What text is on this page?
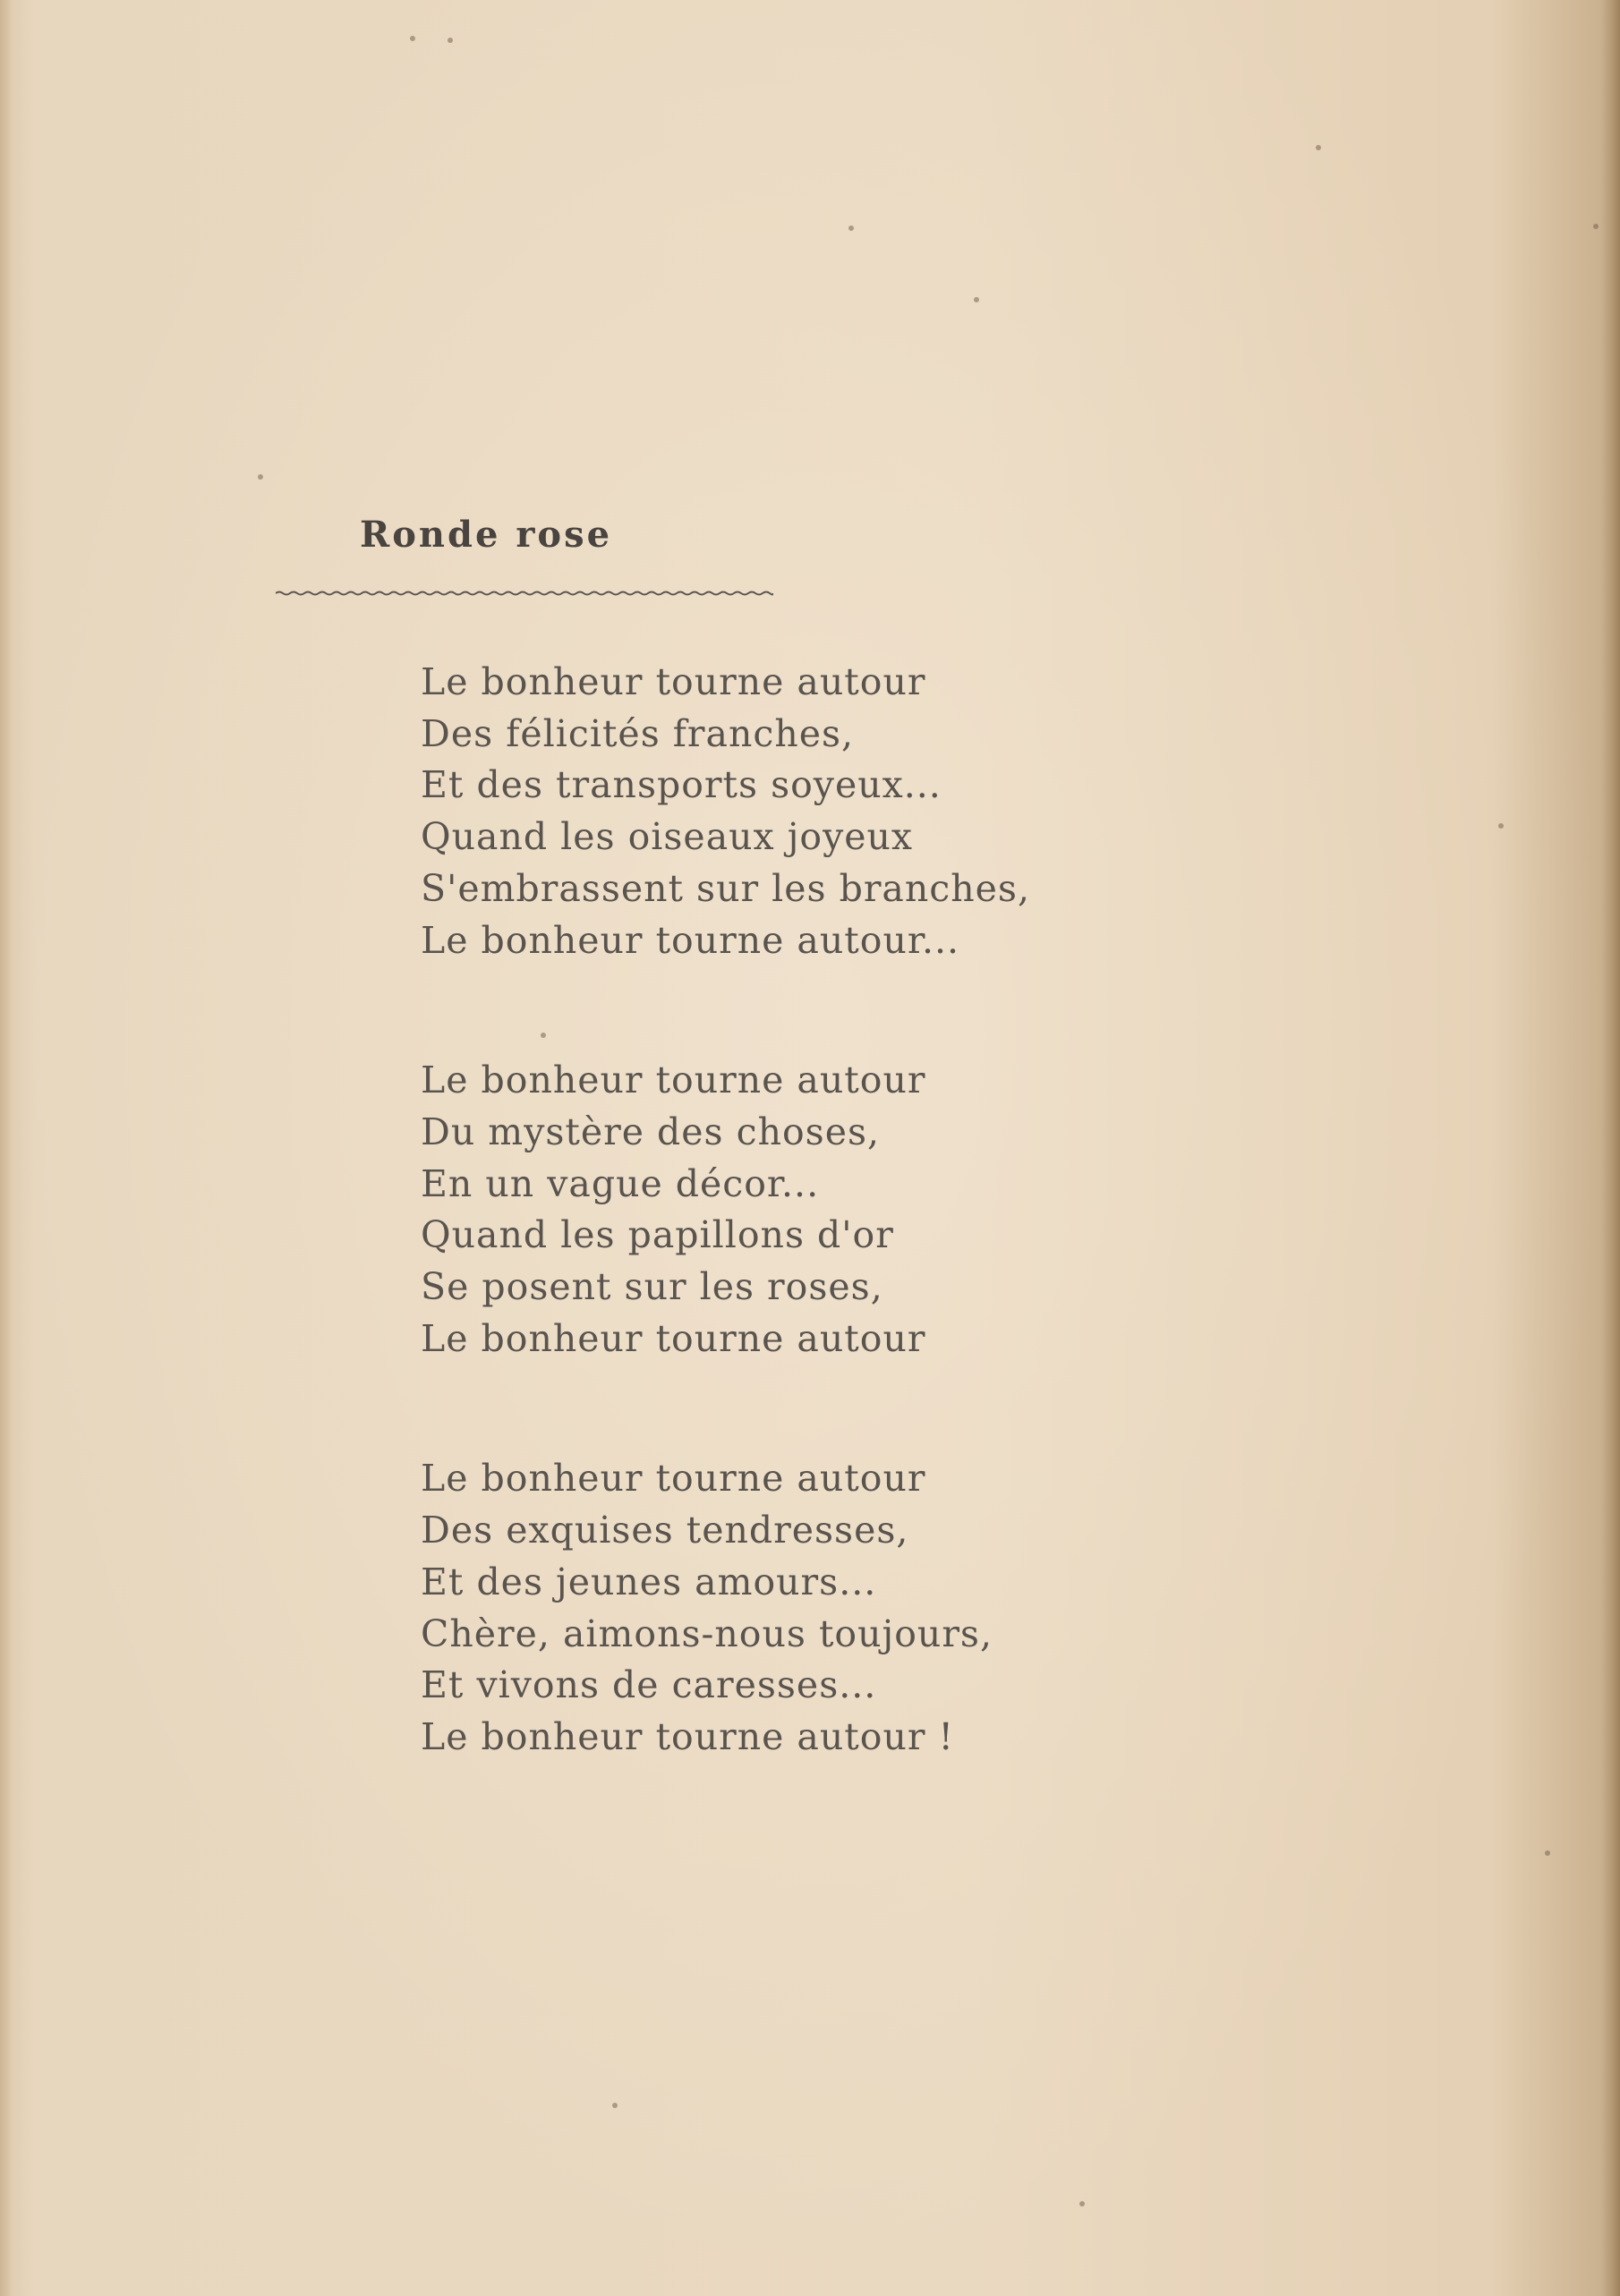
Ronde rose
Le bonheur tourne autour
Des félicités franches,
Et des transports soyeux...
Quand les oiseaux joyeux
S'embrassent sur les branches,
Le bonheur tourne autour...
Le bonheur tourne autour
Du mystère des choses,
En un vague décor...
Quand les papillons d'or
Se posent sur les roses,
Le bonheur tourne autour
Le bonheur tourne autour
Des exquises tendresses,
Et des jeunes amours...
Chère, aimons-nous toujours,
Et vivons de caresses...
Le bonheur tourne autour !
